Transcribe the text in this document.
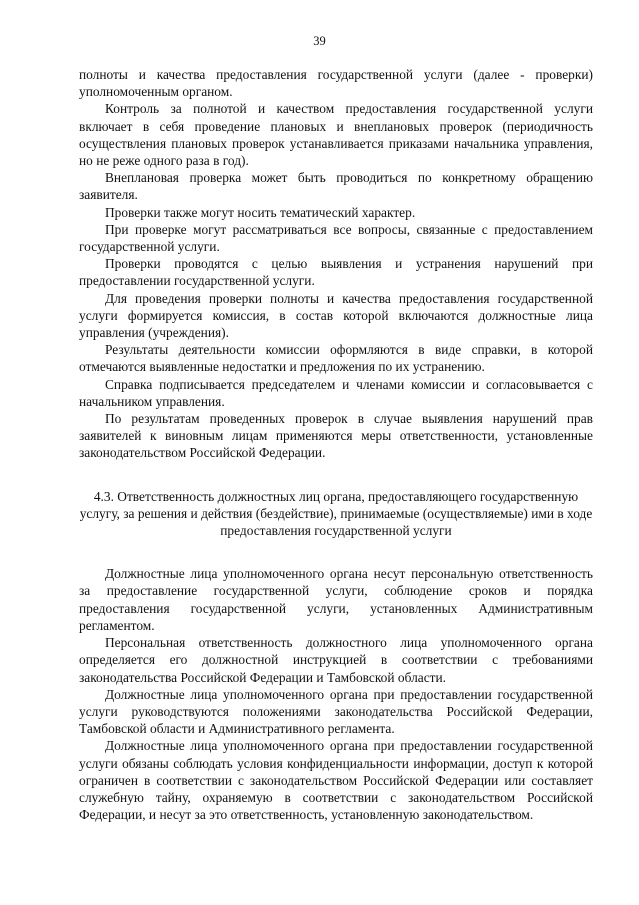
39

полноты и качества предоставления государственной услуги (далее - проверки) уполномоченным органом.

Контроль за полнотой и качеством предоставления государственной услуги включает в себя проведение плановых и внеплановых проверок (периодичность осуществления плановых проверок устанавливается приказами начальника управления, но не реже одного раза в год).

Внеплановая проверка может быть проводиться по конкретному обращению заявителя.

Проверки также могут носить тематический характер.

При проверке могут рассматриваться все вопросы, связанные с предоставлением государственной услуги.

Проверки проводятся с целью выявления и устранения нарушений при предоставлении государственной услуги.

Для проведения проверки полноты и качества предоставления государственной услуги формируется комиссия, в состав которой включаются должностные лица управления (учреждения).

Результаты деятельности комиссии оформляются в виде справки, в которой отмечаются выявленные недостатки и предложения по их устранению.

Справка подписывается председателем и членами комиссии и согласовывается с начальником управления.

По результатам проведенных проверок в случае выявления нарушений прав заявителей к виновным лицам применяются меры ответственности, установленные законодательством Российской Федерации.

4.3. Ответственность должностных лиц органа, предоставляющего государственную услугу, за решения и действия (бездействие), принимаемые (осуществляемые) ими в ходе предоставления государственной услуги

Должностные лица уполномоченного органа несут персональную ответственность за предоставление государственной услуги, соблюдение сроков и порядка предоставления государственной услуги, установленных Административным регламентом.

Персональная ответственность должностного лица уполномоченного органа определяется его должностной инструкцией в соответствии с требованиями законодательства Российской Федерации и Тамбовской области.

Должностные лица уполномоченного органа при предоставлении государственной услуги руководствуются положениями законодательства Российской Федерации, Тамбовской области и Административного регламента.

Должностные лица уполномоченного органа при предоставлении государственной услуги обязаны соблюдать условия конфиденциальности информации, доступ к которой ограничен в соответствии с законодательством Российской Федерации или составляет служебную тайну, охраняемую в соответствии с законодательством Российской Федерации, и несут за это ответственность, установленную законодательством.
